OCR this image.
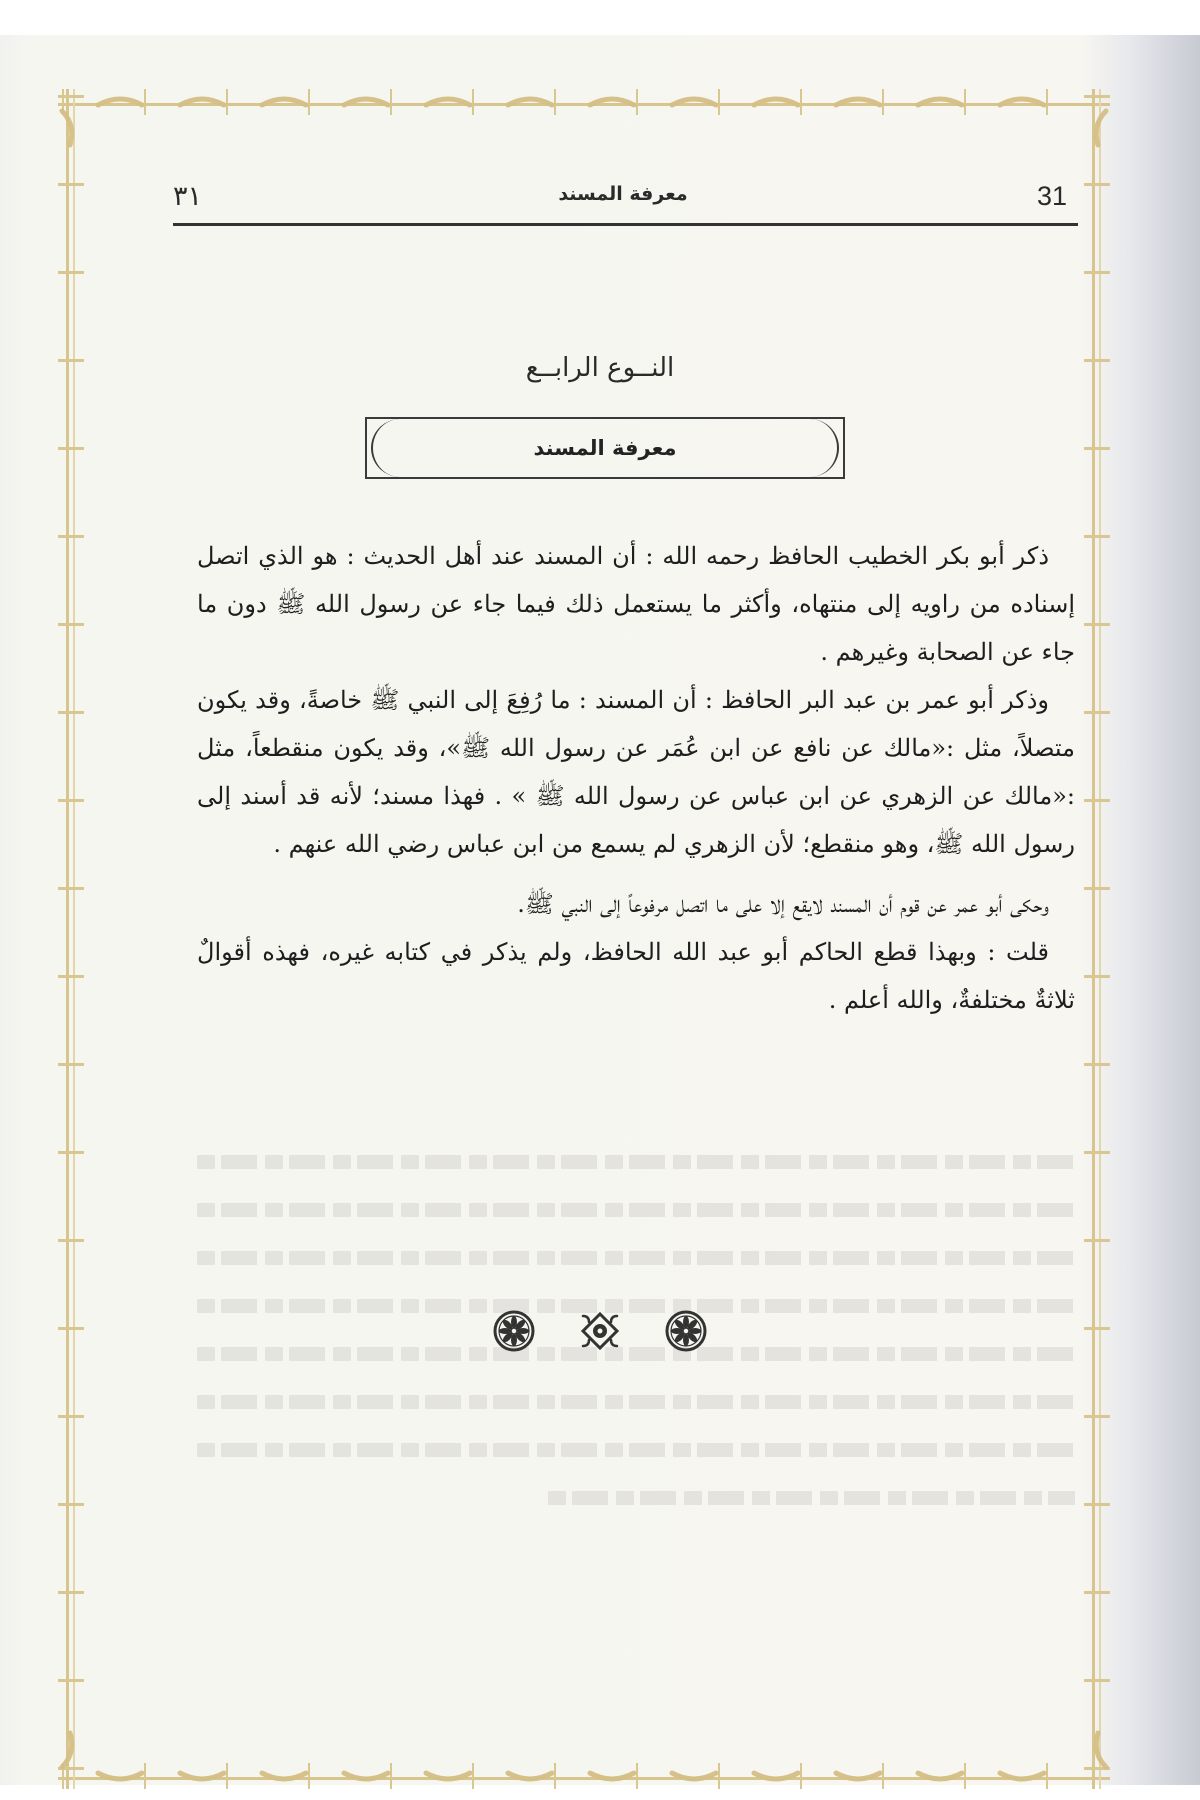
٣١	معرفة المسند	31
النــوع الرابــع
معرفة المسند

ذكر أبو بكر الخطيب الحافظ رحمه الله : أن المسند عند أهل الحديث : هو الذي اتصل إسناده من راويه إلى منتهاه، وأكثر ما يستعمل ذلك فيما جاء عن رسول الله ﷺ دون ما جاء عن الصحابة وغيرهم .

وذكر أبو عمر بن عبد البر الحافظ : أن المسند : ما رُفِعَ إلى النبي ﷺ خاصةً، وقد يكون متصلاً، مثل :«مالك عن نافع عن ابن عُمَر عن رسول الله ﷺ»، وقد يكون منقطعاً، مثل :«مالك عن الزهري عن ابن عباس عن رسول الله ﷺ » . فهذا مسند؛ لأنه قد أسند إلى رسول الله ﷺ، وهو منقطع؛ لأن الزهري لم يسمع من ابن عباس رضي الله عنهم .

وحكى أبو عمر عن قوم أن المسند لايقع إلا على ما اتصل مرفوعاً إلى النبي ﷺ.

قلت : وبهذا قطع الحاكم أبو عبد الله الحافظ، ولم يذكر في كتابه غيره، فهذه أقوالٌ ثلاثةٌ مختلفةٌ، والله أعلم .
